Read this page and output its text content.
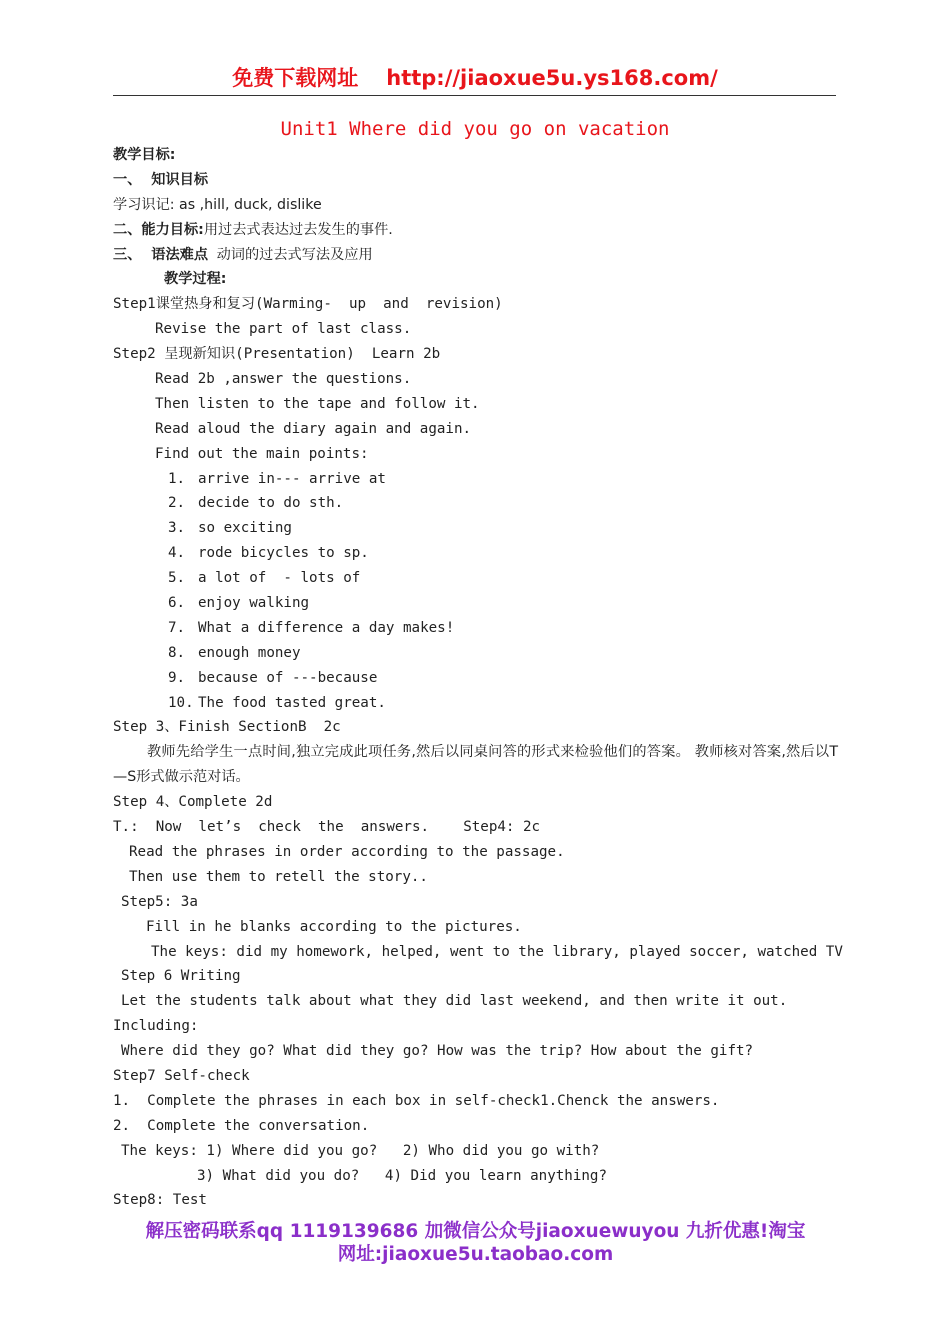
免费下载网址 http://jiaoxue5u.ys168.com/
Unit1 Where did you go on vacation
教学目标:
一、  知识目标
学习识记: as ,hill, duck, dislike
二、能力目标:用过去式表达过去发生的事件.
三、  语法难点 动词的过去式写法及应用
教学过程:
Step1课堂热身和复习(Warming-  up  and  revision)
Revise the part of last class.
Step2 呈现新知识(Presentation)  Learn 2b
Read 2b ,answer the questions.
Then listen to the tape and follow it.
Read aloud the diary again and again.
Find out the main points:
1. arrive in--- arrive at
2. decide to do sth.
3. so exciting
4. rode bicycles to sp.
5. a lot of  - lots of
6. enjoy walking
7. What a difference a day makes!
8. enough money
9. because of ---because
10. The food tasted great.
Step 3、Finish SectionB  2c
教师先给学生一点时间,独立完成此项任务,然后以同桌问答的形式来检验他们的答案。 教师核对答案,然后以T—S形式做示范对话。
Step 4、Complete 2d
T.:  Now  let’s  check  the  answers.    Step4: 2c
Read the phrases in order according to the passage.
Then use them to retell the story..
Step5: 3a
Fill in he blanks according to the pictures.
The keys: did my homework, helped, went to the library, played soccer, watched TV
Step 6 Writing
Let the students talk about what they did last weekend, and then write it out.
Including:
Where did they go? What did they go? How was the trip? How about the gift?
Step7 Self-check
1.  Complete the phrases in each box in self-check1.Chenck the answers.
2.  Complete the conversation.
The keys: 1) Where did you go?   2) Who did you go with?
3) What did you do?   4) Did you learn anything?
Step8: Test
解压密码联系qq 1119139686 加微信公众号jiaoxuewuyou 九折优惠!淘宝
网址:jiaoxue5u.taobao.com
